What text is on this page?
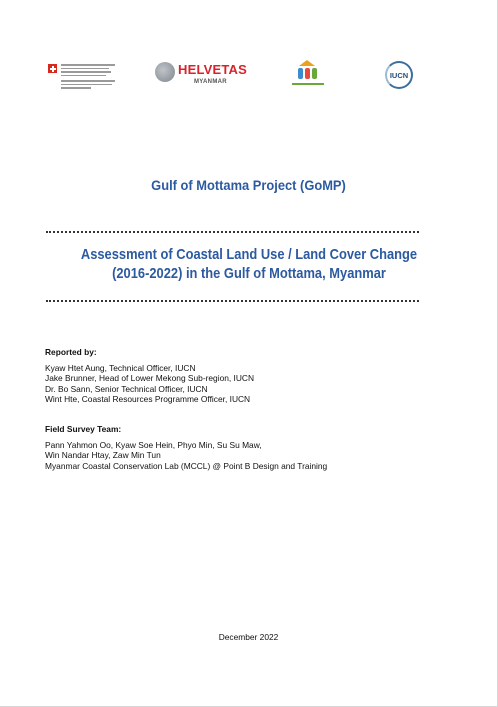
HELVETAS
MYANMAR
IUCN
Gulf of Mottama Project (GoMP)
Assessment of Coastal Land Use / Land Cover Change (2016-2022) in the Gulf of Mottama, Myanmar
Reported by:
Kyaw Htet Aung, Technical Officer, IUCN
Jake Brunner, Head of Lower Mekong Sub-region, IUCN
Dr. Bo Sann, Senior Technical Officer, IUCN
Wint Hte, Coastal Resources Programme Officer, IUCN
Field Survey Team:
Pann Yahmon Oo, Kyaw Soe Hein, Phyo Min, Su Su Maw,
Win Nandar Htay, Zaw Min Tun
Myanmar Coastal Conservation Lab (MCCL) @ Point B Design and Training
December 2022
